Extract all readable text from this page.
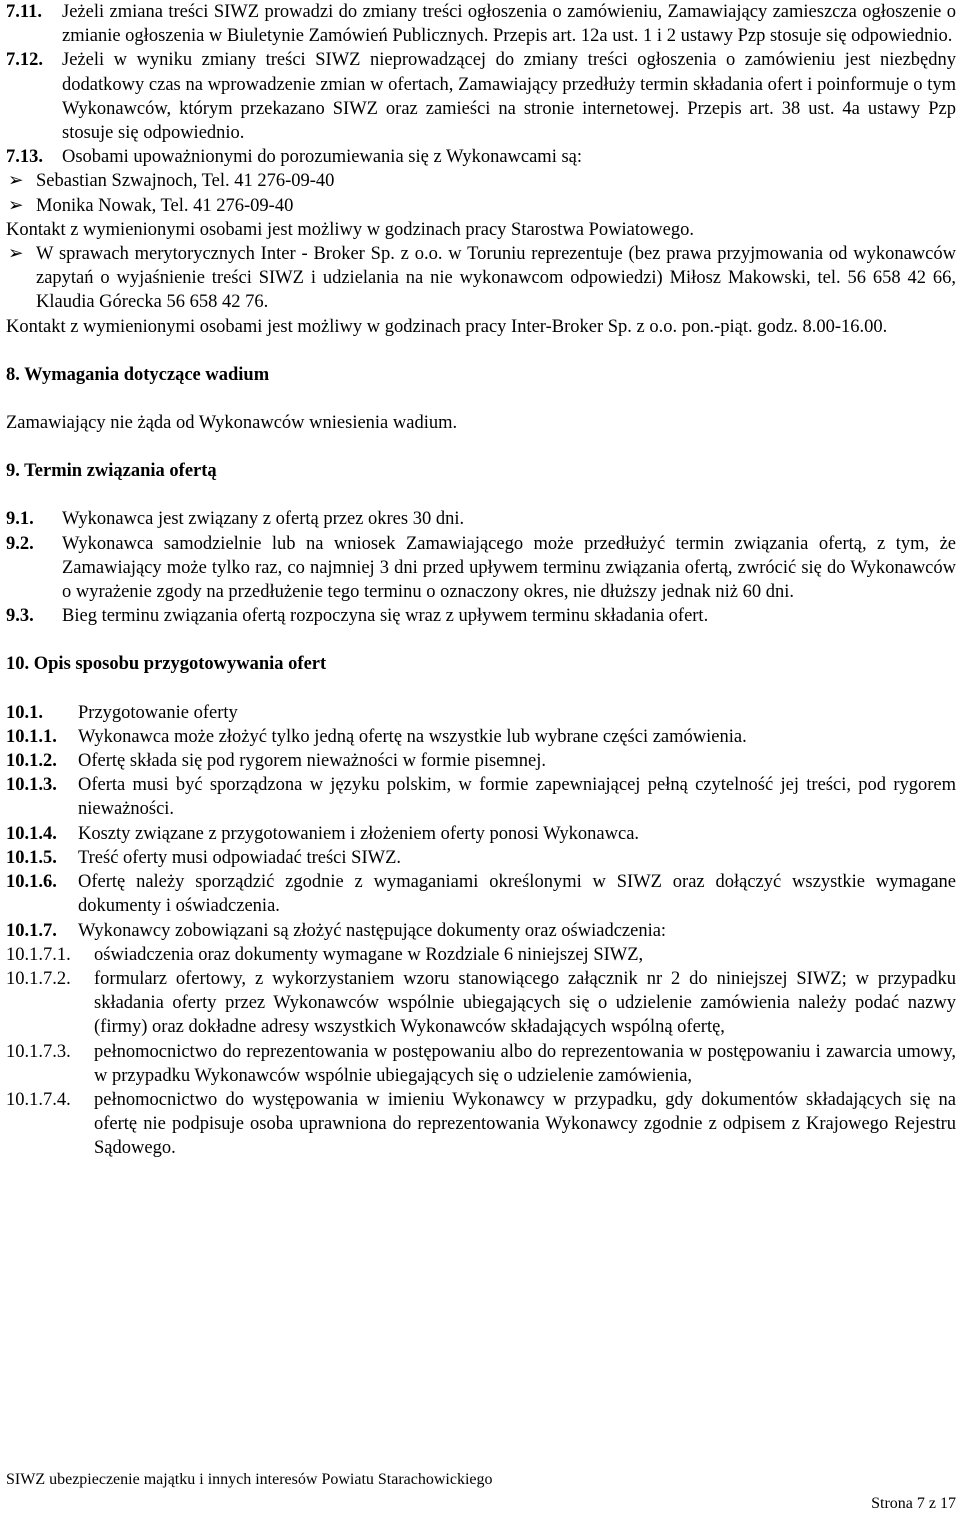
7.11. Jeżeli zmiana treści SIWZ prowadzi do zmiany treści ogłoszenia o zamówieniu, Zamawiający zamieszcza ogłoszenie o zmianie ogłoszenia w Biuletynie Zamówień Publicznych. Przepis art. 12a ust. 1 i 2 ustawy Pzp stosuje się odpowiednio.

7.12. Jeżeli w wyniku zmiany treści SIWZ nieprowadzącej do zmiany treści ogłoszenia o zamówieniu jest niezbędny dodatkowy czas na wprowadzenie zmian w ofertach, Zamawiający przedłuży termin składania ofert i poinformuje o tym Wykonawców, którym przekazano SIWZ oraz zamieści na stronie internetowej. Przepis art. 38 ust. 4a ustawy Pzp stosuje się odpowiednio.

7.13. Osobami upoważnionymi do porozumiewania się z Wykonawcami są:

➢ Sebastian Szwajnoch, Tel. 41 276-09-40

➢ Monika Nowak, Tel. 41 276-09-40

Kontakt z wymienionymi osobami jest możliwy w godzinach pracy Starostwa Powiatowego.

➢ W sprawach merytorycznych Inter - Broker Sp. z o.o. w Toruniu reprezentuje (bez prawa przyjmowania od wykonawców zapytań o wyjaśnienie treści SIWZ i udzielania na nie wykonawcom odpowiedzi) Miłosz Makowski, tel. 56 658 42 66, Klaudia Górecka 56 658 42 76.

Kontakt z wymienionymi osobami jest możliwy w godzinach pracy Inter-Broker Sp. z o.o. pon.-piąt. godz. 8.00-16.00.

8. Wymagania dotyczące wadium

Zamawiający nie żąda od Wykonawców wniesienia wadium.

9. Termin związania ofertą

9.1. Wykonawca jest związany z ofertą przez okres 30 dni.

9.2. Wykonawca samodzielnie lub na wniosek Zamawiającego może przedłużyć termin związania ofertą, z tym, że Zamawiający może tylko raz, co najmniej 3 dni przed upływem terminu związania ofertą, zwrócić się do Wykonawców o wyrażenie zgody na przedłużenie tego terminu o oznaczony okres, nie dłuższy jednak niż 60 dni.

9.3. Bieg terminu związania ofertą rozpoczyna się wraz z upływem terminu składania ofert.

10. Opis sposobu przygotowywania ofert

10.1. Przygotowanie oferty

10.1.1. Wykonawca może złożyć tylko jedną ofertę na wszystkie lub wybrane części zamówienia.

10.1.2. Ofertę składa się pod rygorem nieważności w formie pisemnej.

10.1.3. Oferta musi być sporządzona w języku polskim, w formie zapewniającej pełną czytelność jej treści, pod rygorem nieważności.

10.1.4. Koszty związane z przygotowaniem i złożeniem oferty ponosi Wykonawca.

10.1.5. Treść oferty musi odpowiadać treści SIWZ.

10.1.6. Ofertę należy sporządzić zgodnie z wymaganiami określonymi w SIWZ oraz dołączyć wszystkie wymagane dokumenty i oświadczenia.

10.1.7. Wykonawcy zobowiązani są złożyć następujące dokumenty oraz oświadczenia:

10.1.7.1. oświadczenia oraz dokumenty wymagane w Rozdziale 6 niniejszej SIWZ,

10.1.7.2. formularz ofertowy, z wykorzystaniem wzoru stanowiącego załącznik nr 2 do niniejszej SIWZ; w przypadku składania oferty przez Wykonawców wspólnie ubiegających się o udzielenie zamówienia należy podać nazwy (firmy) oraz dokładne adresy wszystkich Wykonawców składających wspólną ofertę,

10.1.7.3. pełnomocnictwo do reprezentowania w postępowaniu albo do reprezentowania w postępowaniu i zawarcia umowy, w przypadku Wykonawców wspólnie ubiegających się o udzielenie zamówienia,

10.1.7.4. pełnomocnictwo do występowania w imieniu Wykonawcy w przypadku, gdy dokumentów składających się na ofertę nie podpisuje osoba uprawniona do reprezentowania Wykonawcy zgodnie z odpisem z Krajowego Rejestru Sądowego.

SIWZ ubezpieczenie majątku i innych interesów Powiatu Starachowickiego
Strona 7 z 17
